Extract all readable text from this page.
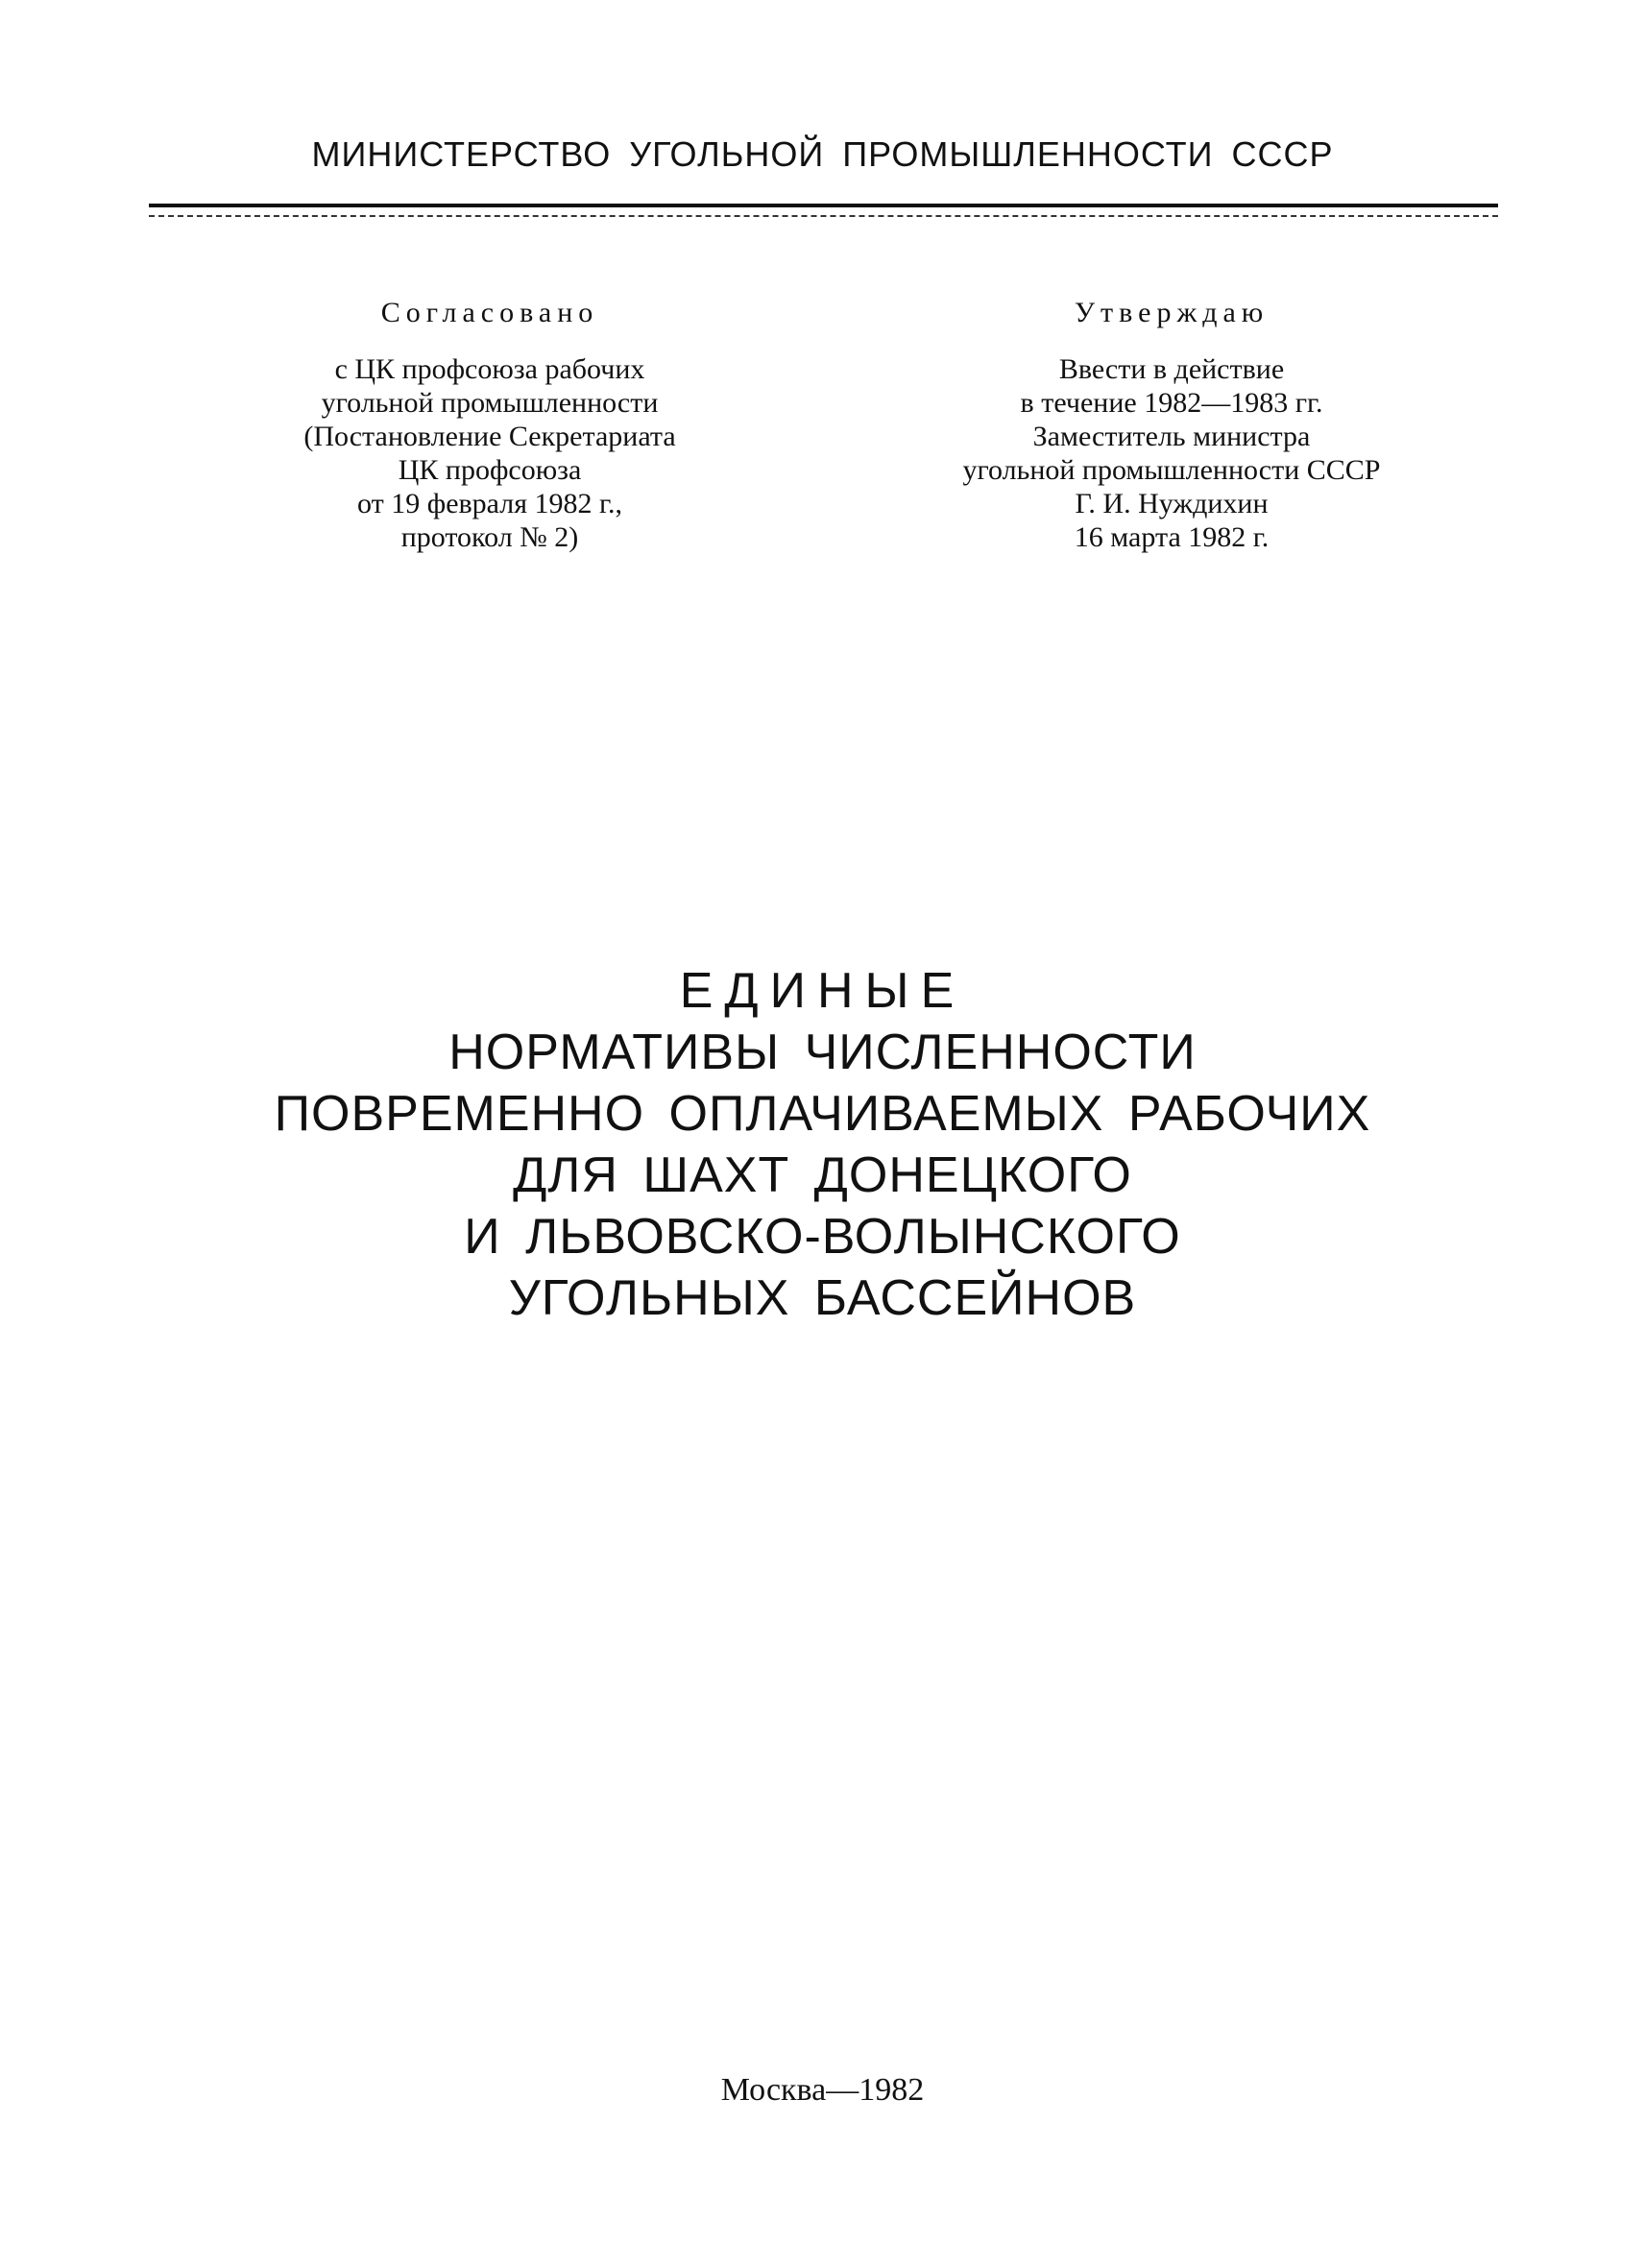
МИНИСТЕРСТВО УГОЛЬНОЙ ПРОМЫШЛЕННОСТИ СССР
Согласовано
с ЦК профсоюза рабочих
угольной промышленности
(Постановление Секретариата
ЦК профсоюза
от 19 февраля 1982 г.,
протокол № 2)
Утверждаю
Ввести в действие
в течение 1982—1983 гг.
Заместитель министра
угольной промышленности СССР
Г. И. Нуждихин
16 марта 1982 г.
ЕДИНЫЕ
НОРМАТИВЫ ЧИСЛЕННОСТИ
ПОВРЕМЕННО ОПЛАЧИВАЕМЫХ РАБОЧИХ
ДЛЯ ШАХТ ДОНЕЦКОГО
И ЛЬВОВСКО-ВОЛЫНСКОГО
УГОЛЬНЫХ БАССЕЙНОВ
Москва—1982
